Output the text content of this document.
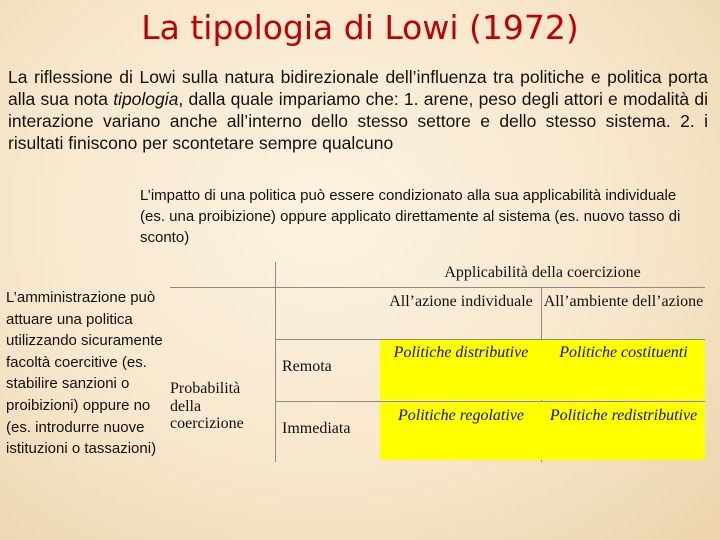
La tipologia di Lowi (1972)
La riflessione di Lowi sulla natura bidirezionale dell’influenza tra politiche e politica porta alla sua nota tipologia, dalla quale impariamo che: 1. arene, peso degli attori e modalità di interazione variano anche all’interno dello stesso settore e dello stesso sistema. 2. i risultati finiscono per scontetare sempre qualcuno
L’impatto di una politica può essere condizionato alla sua applicabilità individuale (es. una proibizione) oppure applicato direttamente al sistema (es. nuovo tasso di sconto)
L’amministrazione può attuare una politica utilizzando sicuramente facoltà coercitive (es. stabilire sanzioni o proibizioni) oppure no (es. introdurre nuove istituzioni o tassazioni)
Applicabilità della coercizione
All’azione individuale All’ambiente dell’azione
Probabilità della coercizione
Remota
Immediata
Politiche distributive	Politiche costituenti
Politiche regolative	Politiche redistributive
